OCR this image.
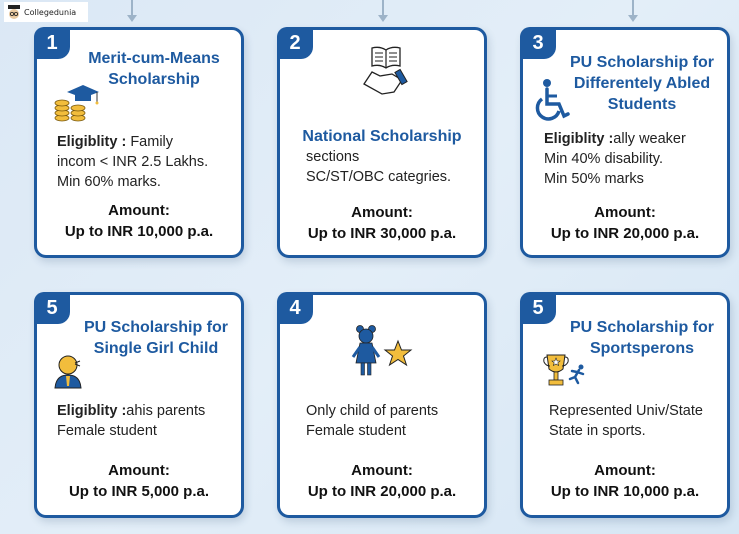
Collegedunia
1
Merit-cum-Means
Scholarship
Eligiblity : Family
incom < INR 2.5 Lakhs.
Min 60% marks.
Amount:
Up to INR 10,000 p.a.
2
National Scholarship
sections
SC/ST/OBC categries.
Amount:
Up to INR 30,000 p.a.
3
PU Scholarship for
Differentely Abled
Students
Eligiblity :ally weaker
Min 40% disability.
Min 50% marks
Amount:
Up to INR 20,000 p.a.
5
PU Scholarship for
Single Girl Child
Eligiblity :ahis parents
Female student
Amount:
Up to INR 5,000 p.a.
4
Only child of parents
Female student
Amount:
Up to INR 20,000 p.a.
5
PU Scholarship for
Sportsperons
Represented Univ/State
State in sports.
Amount:
Up to INR 10,000 p.a.
